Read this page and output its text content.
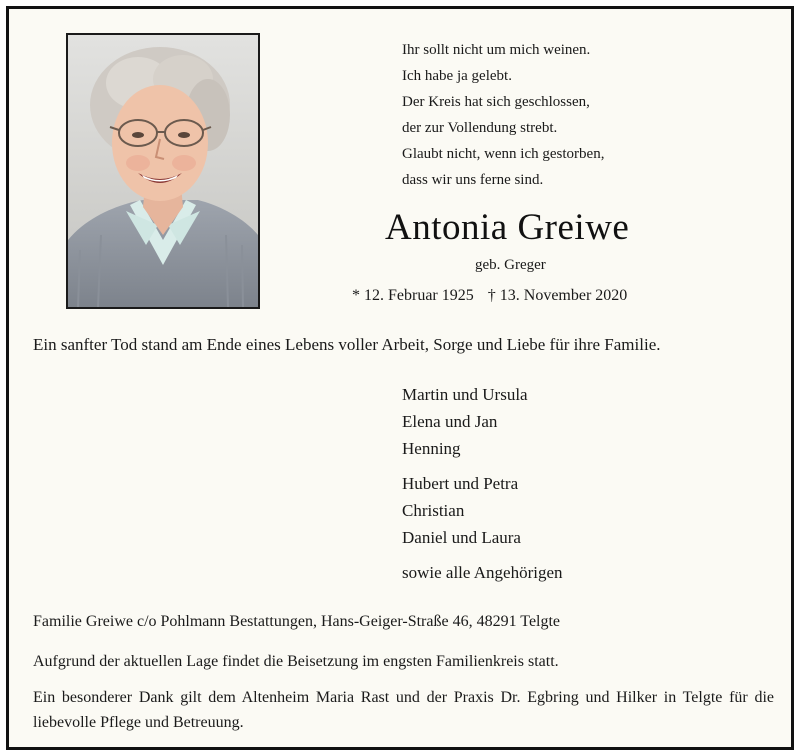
Ihr sollt nicht um mich weinen.
Ich habe ja gelebt.
Der Kreis hat sich geschlossen,
der zur Vollendung strebt.
Glaubt nicht, wenn ich gestorben,
dass wir uns ferne sind.
Antonia Greiwe
geb. Greger
* 12. Februar 1925 † 13. November 2020
Ein sanfter Tod stand am Ende eines Lebens voller Arbeit, Sorge und Liebe für ihre Familie.
Martin und Ursula
Elena und Jan
Henning
Hubert und Petra
Christian
Daniel und Laura
sowie alle Angehörigen
Familie Greiwe c/o Pohlmann Bestattungen, Hans-Geiger-Straße 46, 48291 Telgte
Aufgrund der aktuellen Lage findet die Beisetzung im engsten Familienkreis statt.
Ein besonderer Dank gilt dem Altenheim Maria Rast und der Praxis Dr. Egbring und Hilker in Telgte für die liebevolle Pflege und Betreuung.
